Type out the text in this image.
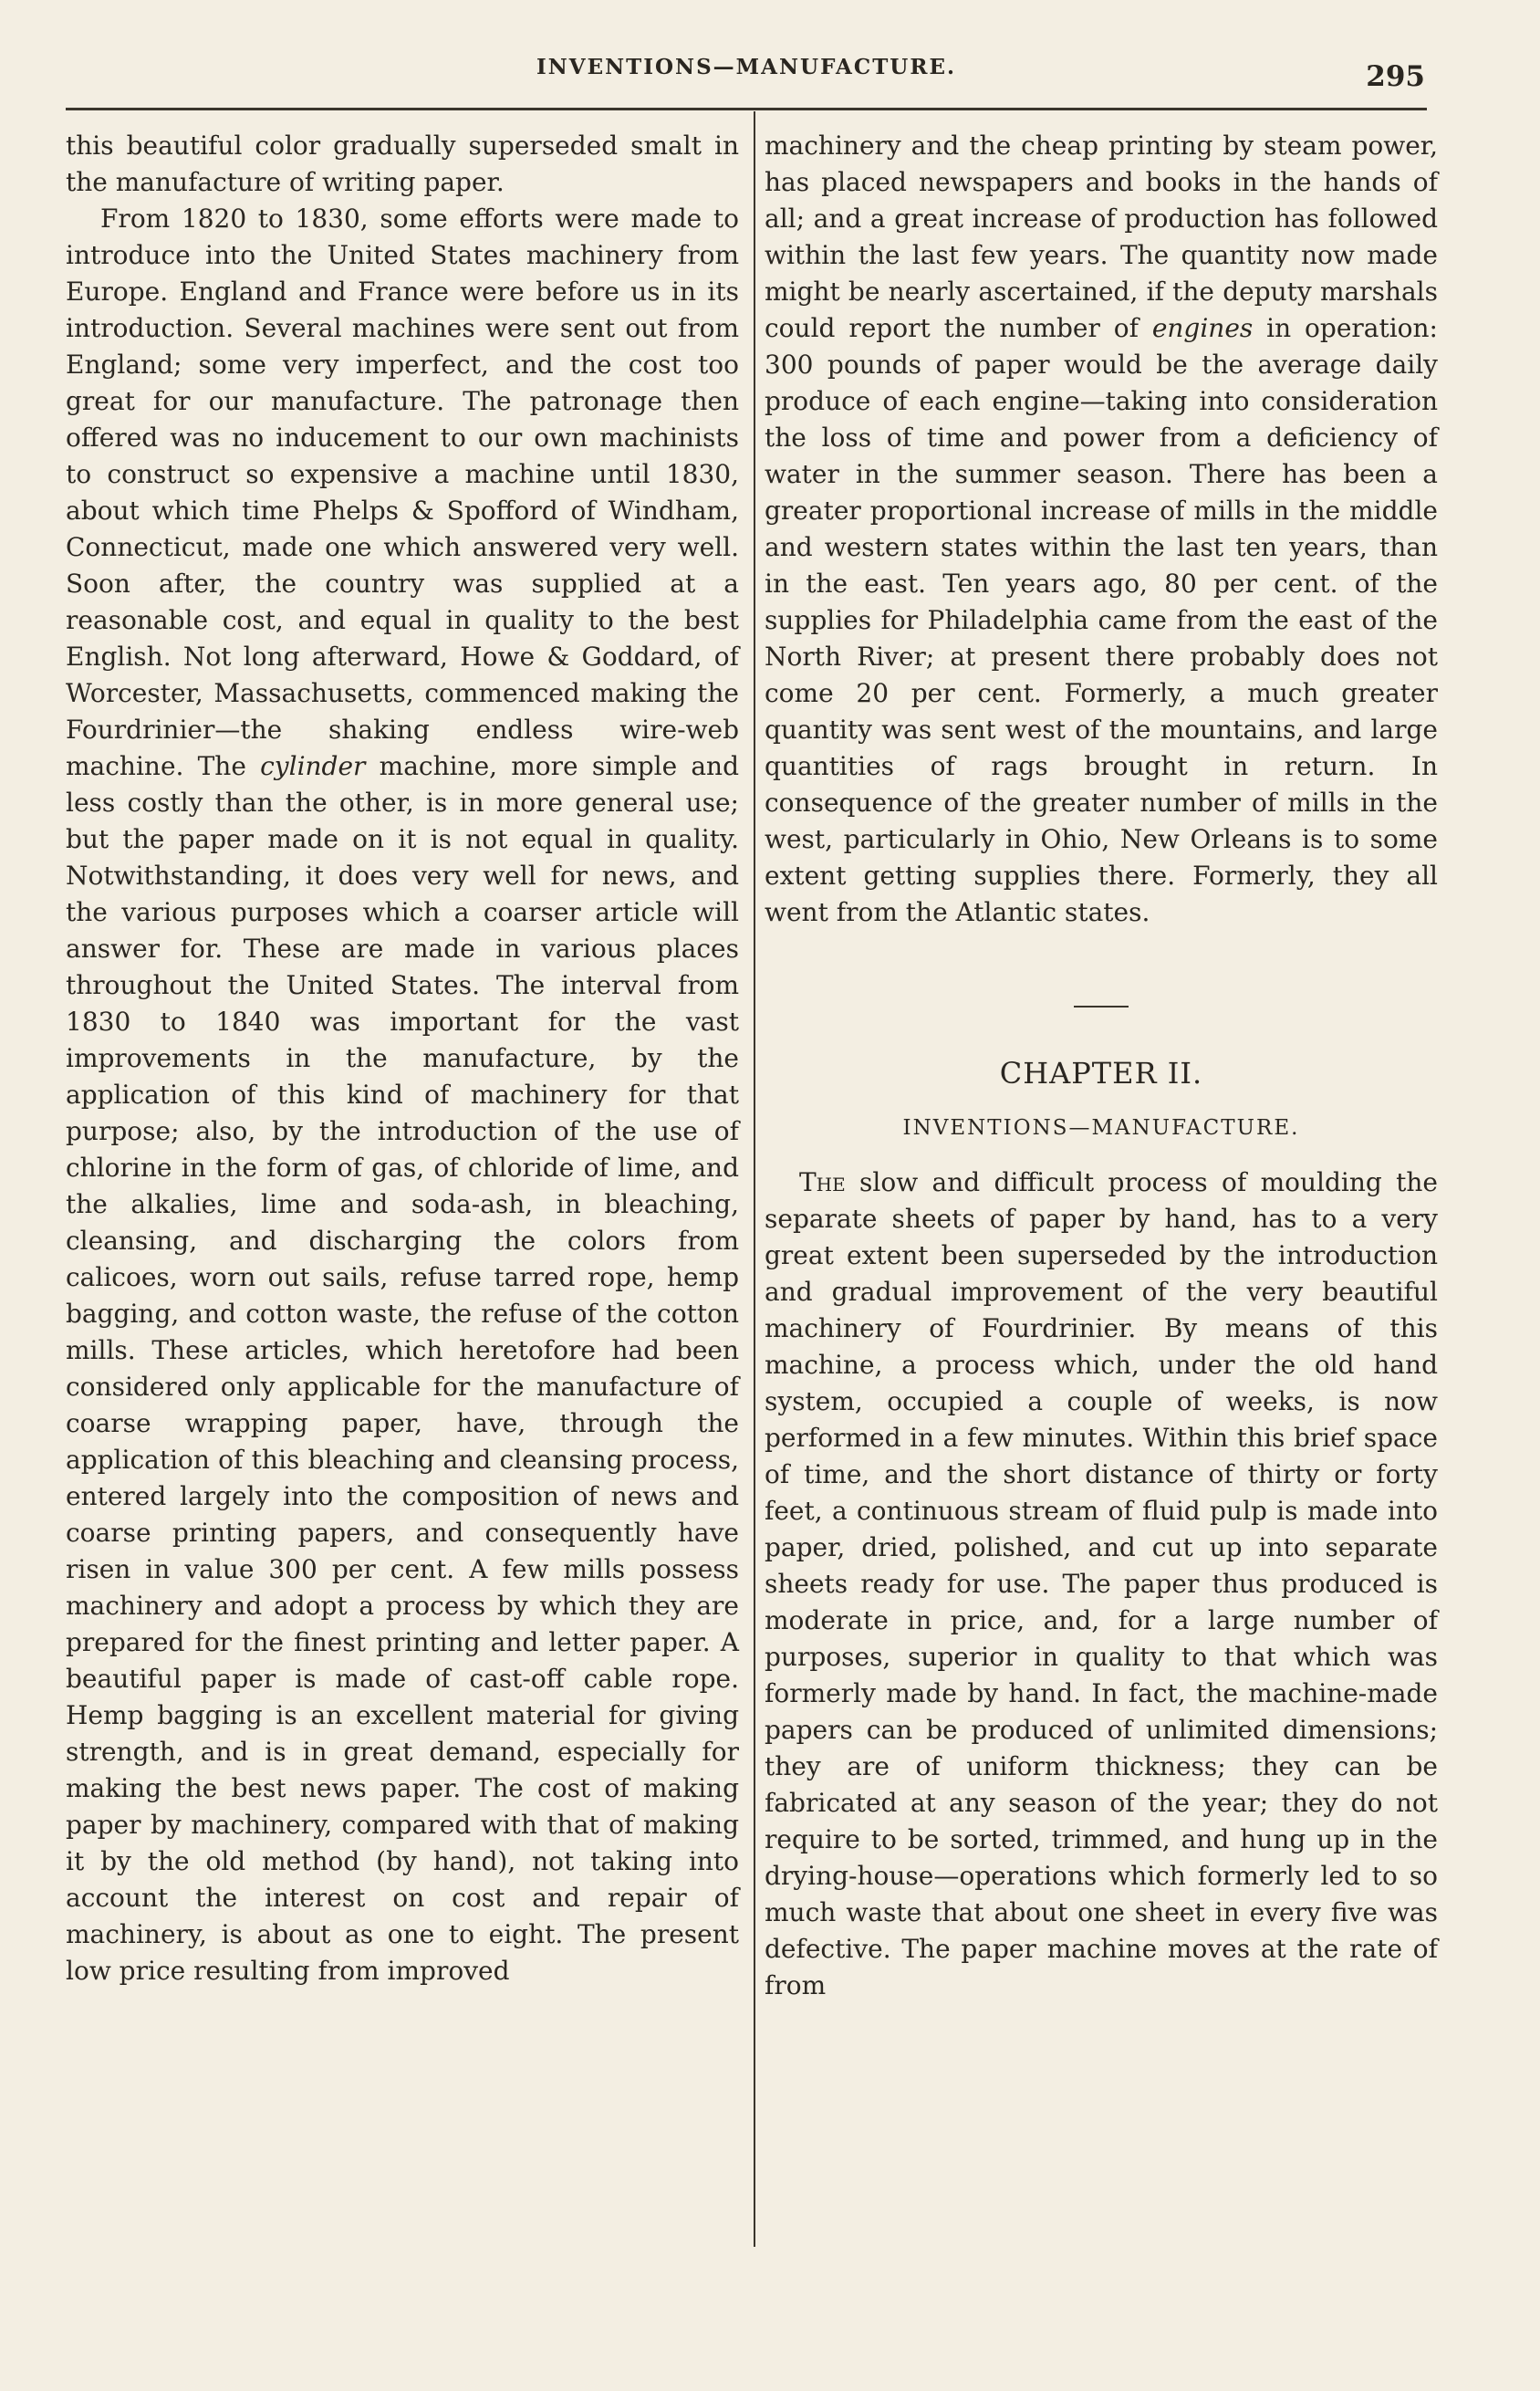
INVENTIONS—MANUFACTURE.	295

this beautiful color gradually superseded smalt in the manufacture of writing paper.

From 1820 to 1830, some efforts were made to introduce into the United States machinery from Europe. England and France were before us in its introduction. Several machines were sent out from England; some very imperfect, and the cost too great for our manufacture. The patronage then offered was no inducement to our own machinists to construct so expensive a machine until 1830, about which time Phelps & Spofford of Windham, Connecticut, made one which answered very well. Soon after, the country was supplied at a reasonable cost, and equal in quality to the best English. Not long afterward, Howe & Goddard, of Worcester, Massachusetts, commenced making the Fourdrinier—the shaking endless wire-web machine. The cylinder machine, more simple and less costly than the other, is in more general use; but the paper made on it is not equal in quality. Notwithstanding, it does very well for news, and the various purposes which a coarser article will answer for. These are made in various places throughout the United States. The interval from 1830 to 1840 was important for the vast improvements in the manufacture, by the application of this kind of machinery for that purpose; also, by the introduction of the use of chlorine in the form of gas, of chloride of lime, and the alkalies, lime and soda-ash, in bleaching, cleansing, and discharging the colors from calicoes, worn out sails, refuse tarred rope, hemp bagging, and cotton waste, the refuse of the cotton mills. These articles, which heretofore had been considered only applicable for the manufacture of coarse wrapping paper, have, through the application of this bleaching and cleansing process, entered largely into the composition of news and coarse printing papers, and consequently have risen in value 300 per cent. A few mills possess machinery and adopt a process by which they are prepared for the finest printing and letter paper. A beautiful paper is made of cast-off cable rope. Hemp bagging is an excellent material for giving strength, and is in great demand, especially for making the best news paper. The cost of making paper by machinery, compared with that of making it by the old method (by hand), not taking into account the interest on cost and repair of machinery, is about as one to eight. The present low price resulting from improved

machinery and the cheap printing by steam power, has placed newspapers and books in the hands of all; and a great increase of production has followed within the last few years. The quantity now made might be nearly ascertained, if the deputy marshals could report the number of engines in operation: 300 pounds of paper would be the average daily produce of each engine—taking into consideration the loss of time and power from a deficiency of water in the summer season. There has been a greater proportional increase of mills in the middle and western states within the last ten years, than in the east. Ten years ago, 80 per cent. of the supplies for Philadelphia came from the east of the North River; at present there probably does not come 20 per cent. Formerly, a much greater quantity was sent west of the mountains, and large quantities of rags brought in return. In consequence of the greater number of mills in the west, particularly in Ohio, New Orleans is to some extent getting supplies there. Formerly, they all went from the Atlantic states.

CHAPTER II.
INVENTIONS—MANUFACTURE.

The slow and difficult process of moulding the separate sheets of paper by hand, has to a very great extent been superseded by the introduction and gradual improvement of the very beautiful machinery of Fourdrinier. By means of this machine, a process which, under the old hand system, occupied a couple of weeks, is now performed in a few minutes. Within this brief space of time, and the short distance of thirty or forty feet, a continuous stream of fluid pulp is made into paper, dried, polished, and cut up into separate sheets ready for use. The paper thus produced is moderate in price, and, for a large number of purposes, superior in quality to that which was formerly made by hand. In fact, the machine-made papers can be produced of unlimited dimensions; they are of uniform thickness; they can be fabricated at any season of the year; they do not require to be sorted, trimmed, and hung up in the drying-house—operations which formerly led to so much waste that about one sheet in every five was defective. The paper machine moves at the rate of from
